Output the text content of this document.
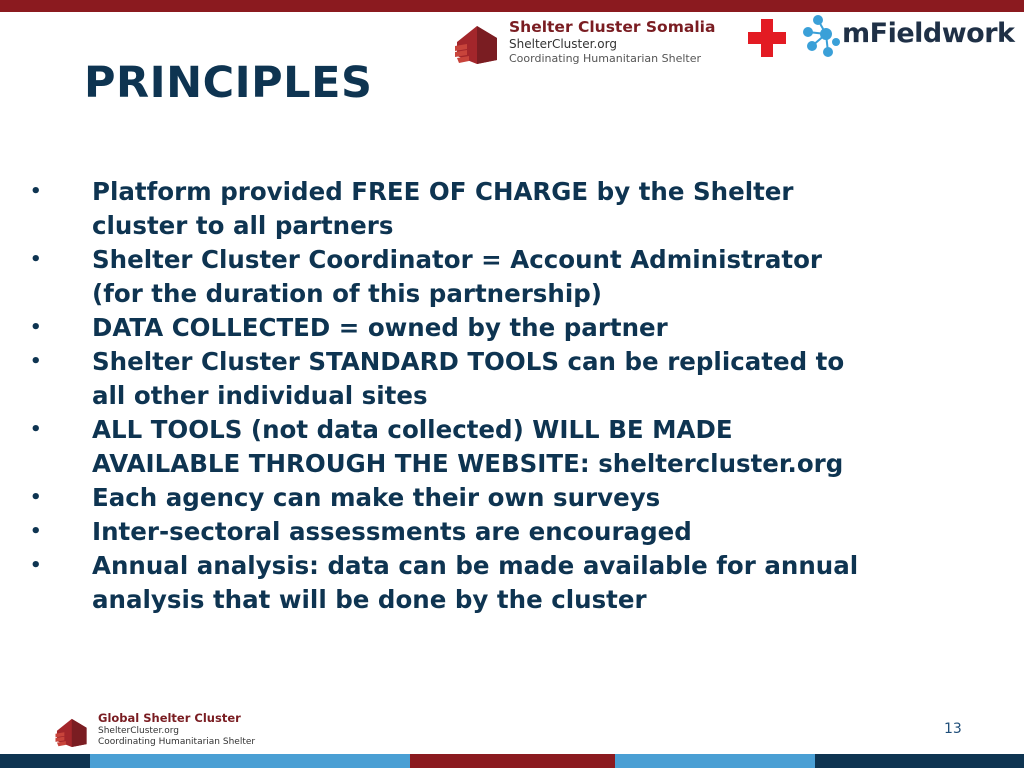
PRINCIPLES
Shelter Cluster Somalia
ShelterCluster.org
Coordinating Humanitarian Shelter
mFieldwork
• Platform provided FREE OF CHARGE by the Shelter
cluster to all partners
• Shelter Cluster Coordinator = Account Administrator
(for the duration of this partnership)
• DATA COLLECTED = owned by the partner
• Shelter Cluster STANDARD TOOLS can be replicated to
all other individual sites
• ALL TOOLS (not data collected) WILL BE MADE
AVAILABLE THROUGH THE WEBSITE: sheltercluster.org
• Each agency can make their own surveys
• Inter-sectoral assessments are encouraged
• Annual analysis: data can be made available for annual
analysis that will be done by the cluster
Global Shelter Cluster
ShelterCluster.org
Coordinating Humanitarian Shelter
13
